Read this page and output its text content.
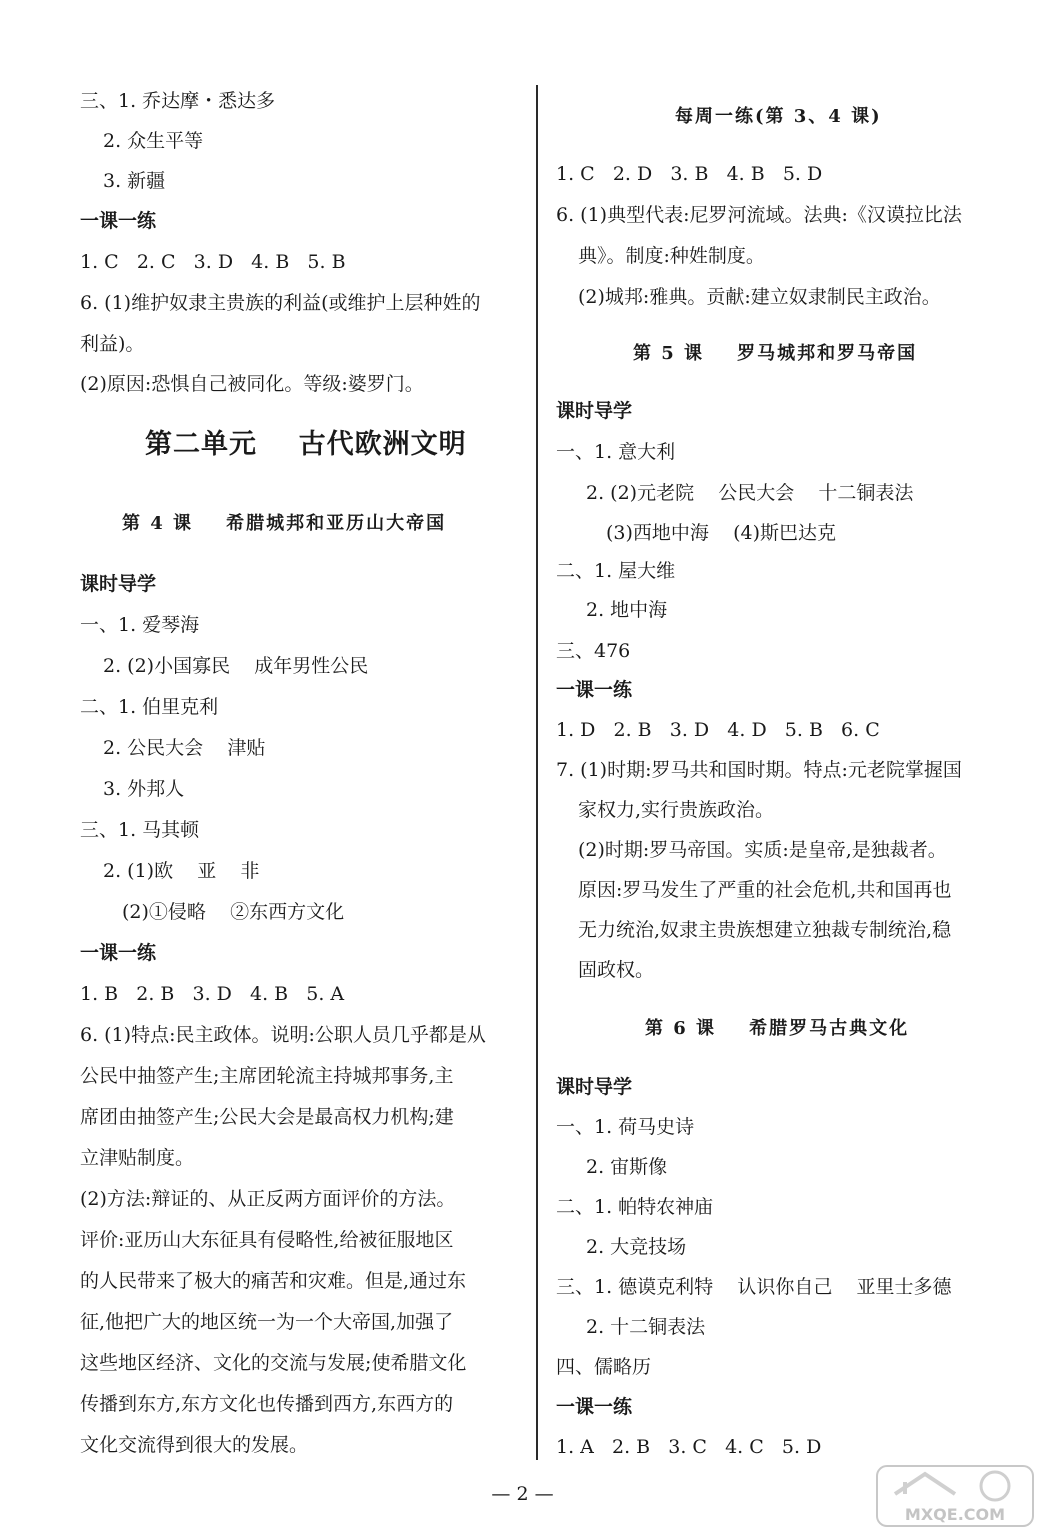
三、1. 乔达摩・悉达多
2. 众生平等
3. 新疆
一课一练
1. C   2. C   3. D   4. B   5. B
6. (1)维护奴隶主贵族的利益(或维护上层种姓的
利益)。
(2)原因:恐惧自己被同化。等级:婆罗门。
第二单元    古代欧洲文明
第 4 课    希腊城邦和亚历山大帝国
课时导学
一、1. 爱琴海
2. (2)小国寡民    成年男性公民
二、1. 伯里克利
2. 公民大会    津贴
3. 外邦人
三、1. 马其顿
2. (1)欧    亚    非
(2)①侵略    ②东西方文化
一课一练
1. B   2. B   3. D   4. B   5. A
6. (1)特点:民主政体。说明:公职人员几乎都是从
公民中抽签产生;主席团轮流主持城邦事务,主
席团由抽签产生;公民大会是最高权力机构;建
立津贴制度。
(2)方法:辩证的、从正反两方面评价的方法。
评价:亚历山大东征具有侵略性,给被征服地区
的人民带来了极大的痛苦和灾难。但是,通过东
征,他把广大的地区统一为一个大帝国,加强了
这些地区经济、文化的交流与发展;使希腊文化
传播到东方,东方文化也传播到西方,东西方的
文化交流得到很大的发展。
每周一练(第 3、4 课)
1. C   2. D   3. B   4. B   5. D
6. (1)典型代表:尼罗河流域。法典:《汉谟拉比法
典》。制度:种姓制度。
(2)城邦:雅典。贡献:建立奴隶制民主政治。
第 5 课    罗马城邦和罗马帝国
课时导学
一、1. 意大利
2. (2)元老院    公民大会    十二铜表法
(3)西地中海    (4)斯巴达克
二、1. 屋大维
2. 地中海
三、476
一课一练
1. D   2. B   3. D   4. D   5. B   6. C
7. (1)时期:罗马共和国时期。特点:元老院掌握国
家权力,实行贵族政治。
(2)时期:罗马帝国。实质:是皇帝,是独裁者。
原因:罗马发生了严重的社会危机,共和国再也
无力统治,奴隶主贵族想建立独裁专制统治,稳
固政权。
第 6 课    希腊罗马古典文化
课时导学
一、1. 荷马史诗
2. 宙斯像
二、1. 帕特农神庙
2. 大竞技场
三、1. 德谟克利特    认识你自己    亚里士多德
2. 十二铜表法
四、儒略历
一课一练
1. A   2. B   3. C   4. C   5. D
— 2 —
MXQE.COM
